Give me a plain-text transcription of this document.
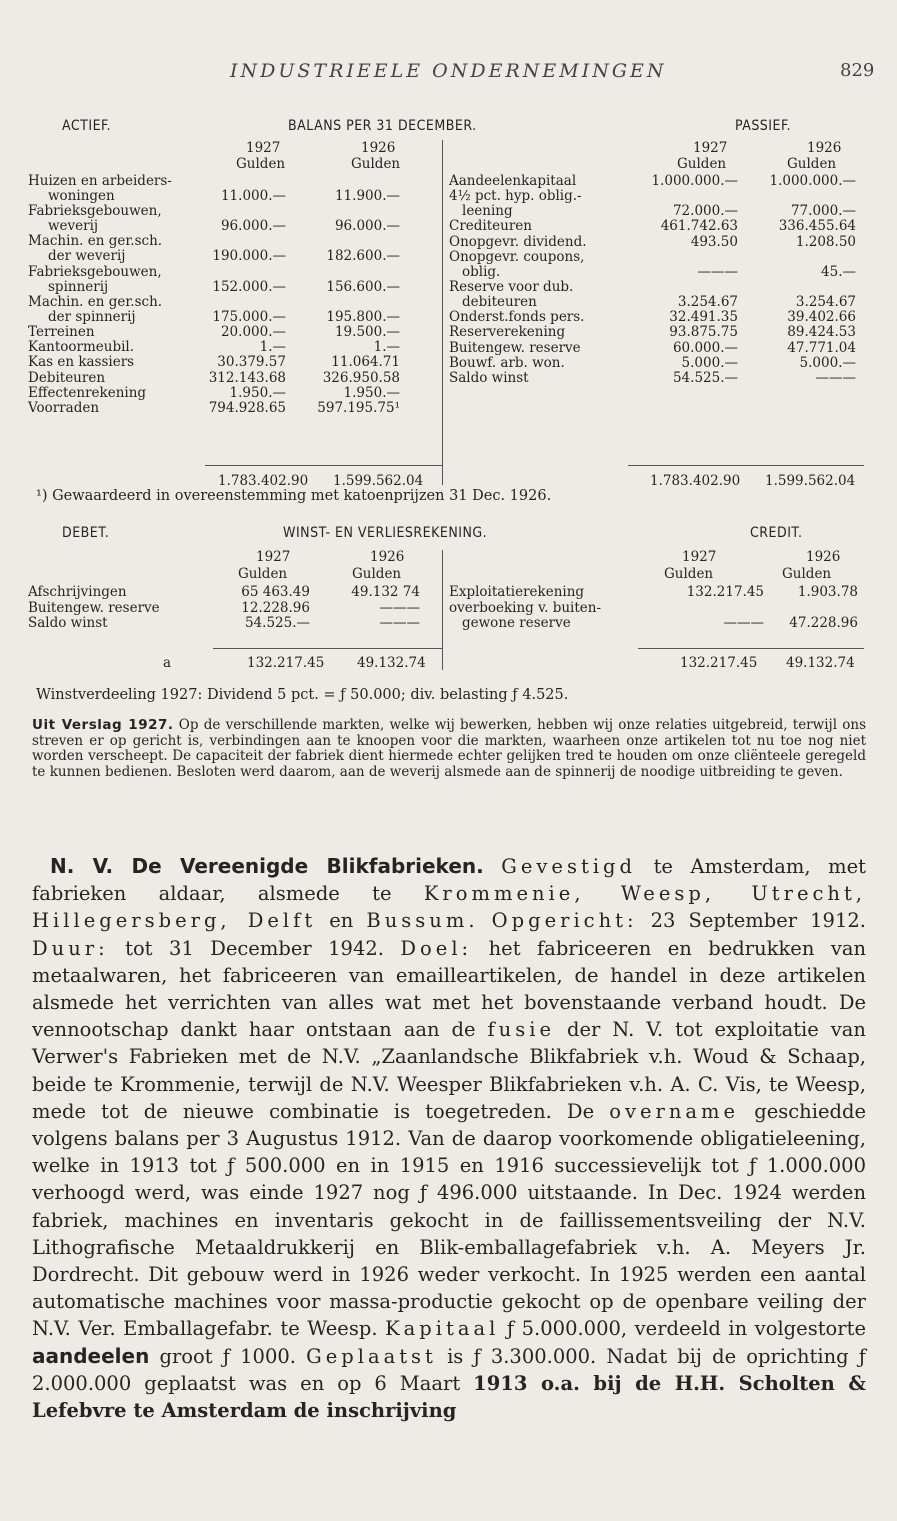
INDUSTRIEELE ONDERNEMINGEN	829
ACTIEF.	BALANS PER 31 DECEMBER.	PASSIEF.
1927	1926
Gulden	Gulden
1927	1926
Gulden	Gulden
Huizen en arbeiders-
woningen	11.000.—	11.900.—
Fabrieksgebouwen,
weverij	96.000.—	96.000.—
Machin. en ger.sch.
der weverij	190.000.—	182.600.—
Fabrieksgebouwen,
spinnerij	152.000.—	156.600.—
Machin. en ger.sch.
der spinnerij	175.000.—	195.800.—
Terreinen	20.000.—	19.500.—
Kantoormeubil.	1.—	1.—
Kas en kassiers	30.379.57	11.064.71
Debiteuren	312.143.68	326.950.58
Effectenrekening	1.950.—	1.950.—
Voorraden	794.928.65	597.195.75¹
Aandeelenkapitaal	1.000.000.—	1.000.000.—
4½ pct. hyp. oblig.-
leening	72.000.—	77.000.—
Crediteuren	461.742.63	336.455.64
Onopgevr. dividend.	493.50	1.208.50
Onopgevr. coupons,
oblig.	———	45.—
Reserve voor dub.
debiteuren	3.254.67	3.254.67
Onderst.fonds pers.	32.491.35	39.402.66
Reserverekening	93.875.75	89.424.53
Buitengew. reserve	60.000.—	47.771.04
Bouwf. arb. won.	5.000.—	5.000.—
Saldo winst	54.525.—	———
1.783.402.90 1.599.562.04	1.783.402.90 1.599.562.04
¹) Gewaardeerd in overeenstemming met katoenprijzen 31 Dec. 1926.
DEBET.	WINST- EN VERLIESREKENING.	CREDIT.
1927	1926
Gulden	Gulden
1927	1926
Gulden	Gulden
Afschrijvingen	65 463.49	49.132 74
Buitengew. reserve	12.228.96	———
Saldo winst	54.525.—	———
Exploitatierekening	132.217.45	1.903.78
overboeking v. buiten-
gewone reserve	———	47.228.96
a	132.217.45 49.132.74	132.217.45 49.132.74
Winstverdeeling 1927: Dividend 5 pct. = ƒ 50.000; div. belasting ƒ 4.525.
Uit Verslag 1927. Op de verschillende markten, welke wij bewerken, hebben wij onze relaties uitgebreid, terwijl ons streven er op gericht is, verbindingen aan te knoopen voor die markten, waarheen onze artikelen tot nu toe nog niet worden verscheept. De capaciteit der fabriek dient hiermede echter gelijken tred te houden om onze cliënteele geregeld te kunnen bedienen. Besloten werd daarom, aan de weverij alsmede aan de spinnerij de noodige uitbreiding te geven.
N. V. De Vereenigde Blikfabrieken. Gevestigd te Amsterdam, met fabrieken aldaar, alsmede te Krommenie, Weesp, Utrecht, Hillegersberg, Delft en Bussum. Opgericht: 23 September 1912. Duur: tot 31 December 1942. Doel: het fabriceeren en bedrukken van metaalwaren, het fabriceeren van emailleartikelen, de handel in deze artikelen alsmede het verrichten van alles wat met het bovenstaande verband houdt. De vennootschap dankt haar ontstaan aan de fusie der N. V. tot exploitatie van Verwer's Fabrieken met de N.V. „Zaanlandsche Blikfabriek v.h. Woud & Schaap, beide te Krommenie, terwijl de N.V. Weesper Blikfabrieken v.h. A. C. Vis, te Weesp, mede tot de nieuwe combinatie is toegetreden. De overname geschiedde volgens balans per 3 Augustus 1912. Van de daarop voorkomende obligatieleening, welke in 1913 tot ƒ 500.000 en in 1915 en 1916 successievelijk tot ƒ 1.000.000 verhoogd werd, was einde 1927 nog ƒ 496.000 uitstaande. In Dec. 1924 werden fabriek, machines en inventaris gekocht in de faillissementsveiling der N.V. Lithografische Metaaldrukkerij en Blik-emballagefabriek v.h. A. Meyers Jr. Dordrecht. Dit gebouw werd in 1926 weder verkocht. In 1925 werden een aantal automatische machines voor massa-productie gekocht op de openbare veiling der N.V. Ver. Emballagefabr. te Weesp. Kapitaal ƒ 5.000.000, verdeeld in volgestorte aandeelen groot ƒ 1000. Geplaatst is ƒ 3.300.000. Nadat bij de oprichting ƒ 2.000.000 geplaatst was en op 6 Maart 1913 o.a. bij de H.H. Scholten & Lefebvre te Amsterdam de inschrijving
